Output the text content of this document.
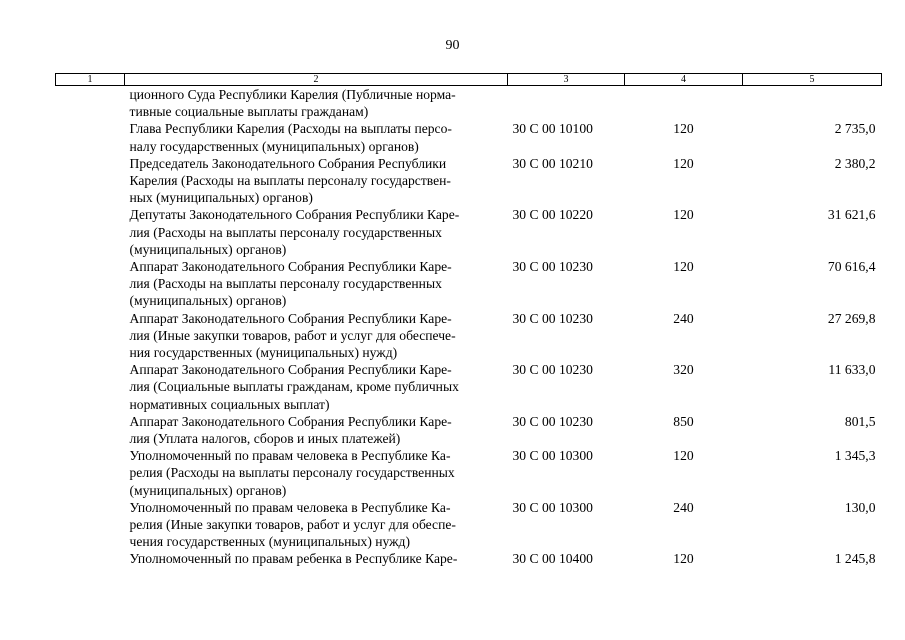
90
1	2	3	4	5

	ционного Суда Республики Карелия (Публичные норма-
тивные социальные выплаты гражданам)			

	Глава Республики Карелия (Расходы на выплаты персо-
налу государственных (муниципальных) органов)	30 С 00 10100	120	2 735,0

	Председатель Законодательного Собрания Республики
Карелия (Расходы на выплаты персоналу государствен-
ных (муниципальных) органов)	30 С 00 10210	120	2 380,2

	Депутаты Законодательного Собрания Республики Каре-
лия (Расходы на выплаты персоналу государственных
(муниципальных) органов)	30 С 00 10220	120	31 621,6

	Аппарат Законодательного Собрания Республики Каре-
лия (Расходы на выплаты персоналу государственных
(муниципальных) органов)	30 С 00 10230	120	70 616,4

	Аппарат Законодательного Собрания Республики Каре-
лия (Иные закупки товаров, работ и услуг для обеспече-
ния государственных (муниципальных) нужд)	30 С 00 10230	240	27 269,8

	Аппарат Законодательного Собрания Республики Каре-
лия (Социальные выплаты гражданам, кроме публичных
нормативных социальных выплат)	30 С 00 10230	320	11 633,0

	Аппарат Законодательного Собрания Республики Каре-
лия (Уплата налогов, сборов и иных платежей)	30 С 00 10230	850	801,5

	Уполномоченный по правам человека в Республике Ка-
релия (Расходы на выплаты персоналу государственных
(муниципальных) органов)	30 С 00 10300	120	1 345,3

	Уполномоченный по правам человека в Республике Ка-
релия (Иные закупки товаров, работ и услуг для обеспе-
чения государственных (муниципальных) нужд)	30 С 00 10300	240	130,0

	Уполномоченный по правам ребенка в Республике Каре-	30 С 00 10400	120	1 245,8
